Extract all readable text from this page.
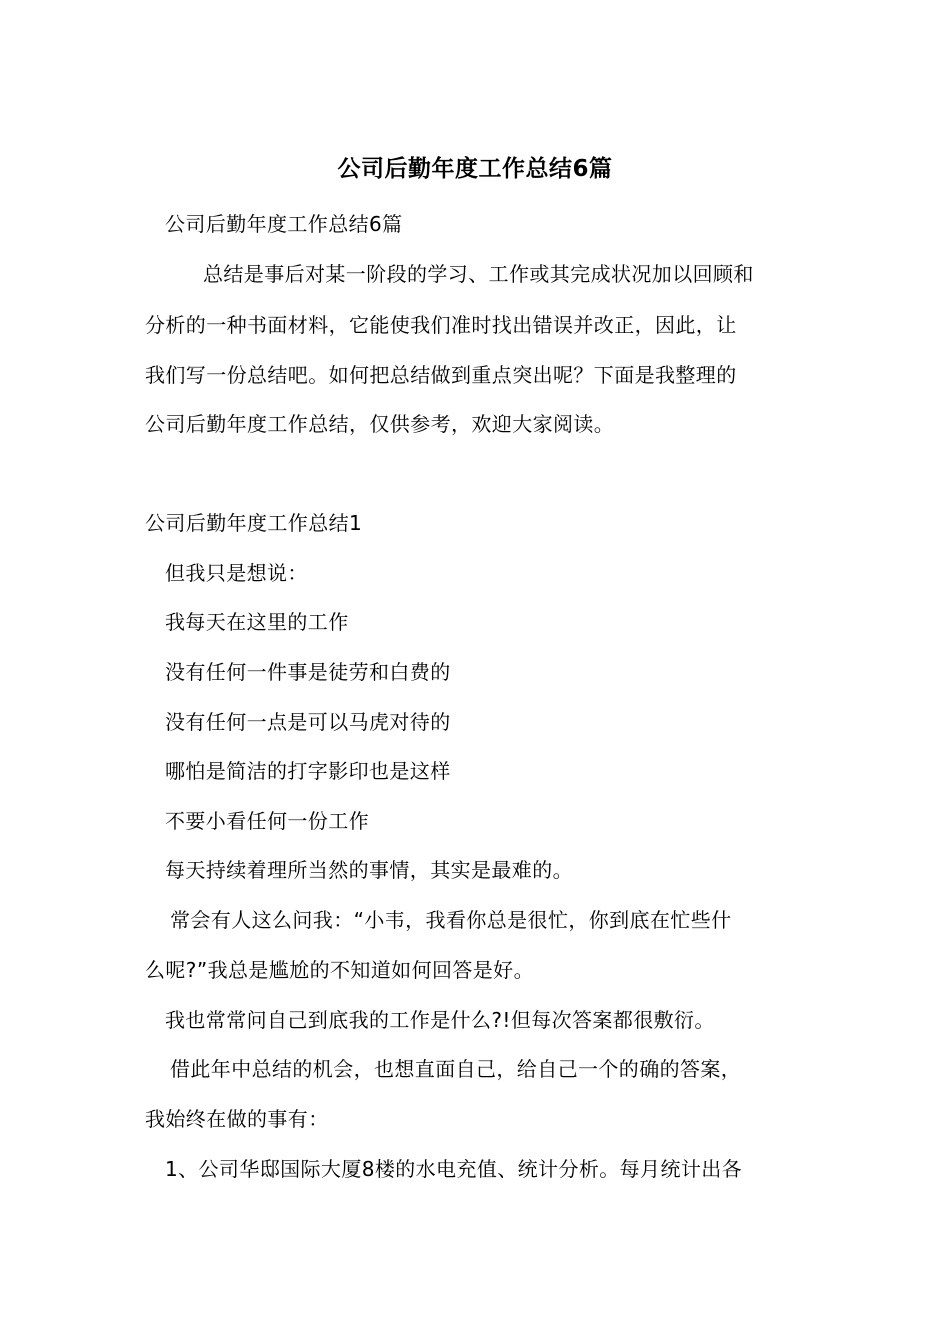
公司后勤年度工作总结6篇
公司后勤年度工作总结6篇
总结是事后对某一阶段的学习、工作或其完成状况加以回顾和
分析的一种书面材料，它能使我们准时找出错误并改正，因此，让
我们写一份总结吧。如何把总结做到重点突出呢？下面是我整理的
公司后勤年度工作总结，仅供参考，欢迎大家阅读。
公司后勤年度工作总结1
但我只是想说：
我每天在这里的工作
没有任何一件事是徒劳和白费的
没有任何一点是可以马虎对待的
哪怕是简洁的打字影印也是这样
不要小看任何一份工作
每天持续着理所当然的事情，其实是最难的。
常会有人这么问我：“小韦，我看你总是很忙，你到底在忙些什
么呢?”我总是尴尬的不知道如何回答是好。
我也常常问自己到底我的工作是什么?!但每次答案都很敷衍。
借此年中总结的机会，也想直面自己，给自己一个的确的答案，
我始终在做的事有：
1、公司华邸国际大厦8楼的水电充值、统计分析。每月统计出各
